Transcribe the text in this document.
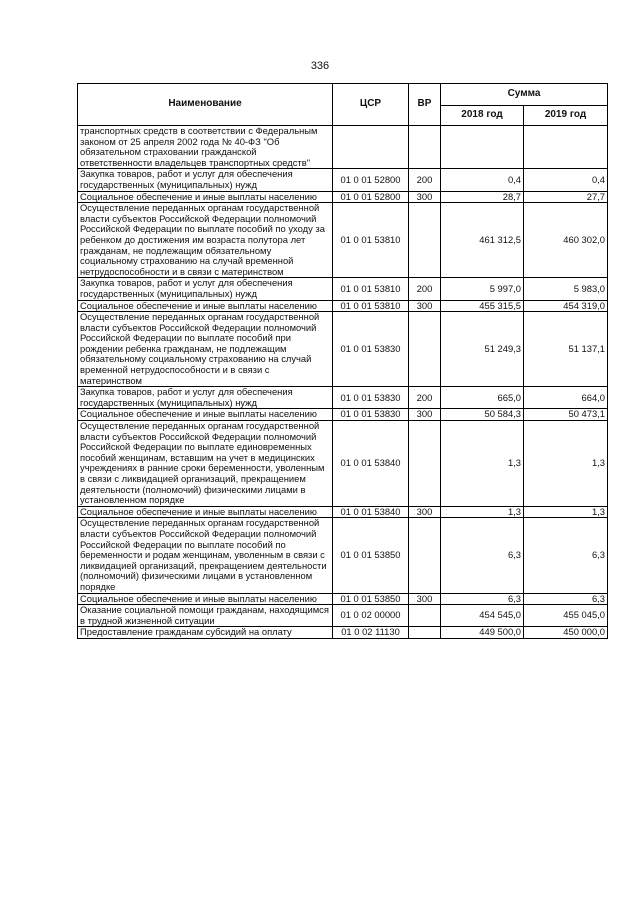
336
Наименование	ЦСР	ВР	Сумма	
			2018 год	2019 год
транспортных средств в соответствии с Федеральным законом от 25 апреля 2002 года № 40-ФЗ "Об обязательном страховании гражданской ответственности владельцев транспортных средств"				
Закупка товаров, работ и услуг для обеспечения государственных (муниципальных) нужд	01 0 01 52800	200	0,4	0,4
Социальное обеспечение и иные выплаты населению	01 0 01 52800	300	28,7	27,7
Осуществление переданных органам государственной власти субъектов Российской Федерации полномочий Российской Федерации по выплате пособий по уходу за ребенком до достижения им возраста полутора лет гражданам, не подлежащим обязательному социальному страхованию на случай временной нетрудоспособности и в связи с материнством	01 0 01 53810		461 312,5	460 302,0
Закупка товаров, работ и услуг для обеспечения государственных (муниципальных) нужд	01 0 01 53810	200	5 997,0	5 983,0
Социальное обеспечение и иные выплаты населению	01 0 01 53810	300	455 315,5	454 319,0
Осуществление переданных органам государственной власти субъектов Российской Федерации полномочий Российской Федерации по выплате пособий при рождении ребенка гражданам, не подлежащим обязательному социальному страхованию на случай временной нетрудоспособности и в связи с материнством	01 0 01 53830		51 249,3	51 137,1
Закупка товаров, работ и услуг для обеспечения государственных (муниципальных) нужд	01 0 01 53830	200	665,0	664,0
Социальное обеспечение и иные выплаты населению	01 0 01 53830	300	50 584,3	50 473,1
Осуществление переданных органам государственной власти субъектов Российской Федерации полномочий Российской Федерации по выплате единовременных пособий женщинам, вставшим на учет в медицинских учреждениях в ранние сроки беременности, уволенным в связи с ликвидацией организаций, прекращением деятельности (полномочий) физическими лицами в установленном порядке	01 0 01 53840		1,3	1,3
Социальное обеспечение и иные выплаты населению	01 0 01 53840	300	1,3	1,3
Осуществление переданных органам государственной власти субъектов Российской Федерации полномочий Российской Федерации по выплате пособий по беременности и родам женщинам, уволенным в связи с ликвидацией организаций, прекращением деятельности (полномочий) физическими лицами в установленном порядке	01 0 01 53850		6,3	6,3
Социальное обеспечение и иные выплаты населению	01 0 01 53850	300	6,3	6,3
Оказание социальной помощи гражданам, находящимся в трудной жизненной ситуации	01 0 02 00000		454 545,0	455 045,0
Предоставление гражданам субсидий на оплату	01 0 02 11130		449 500,0	450 000,0
